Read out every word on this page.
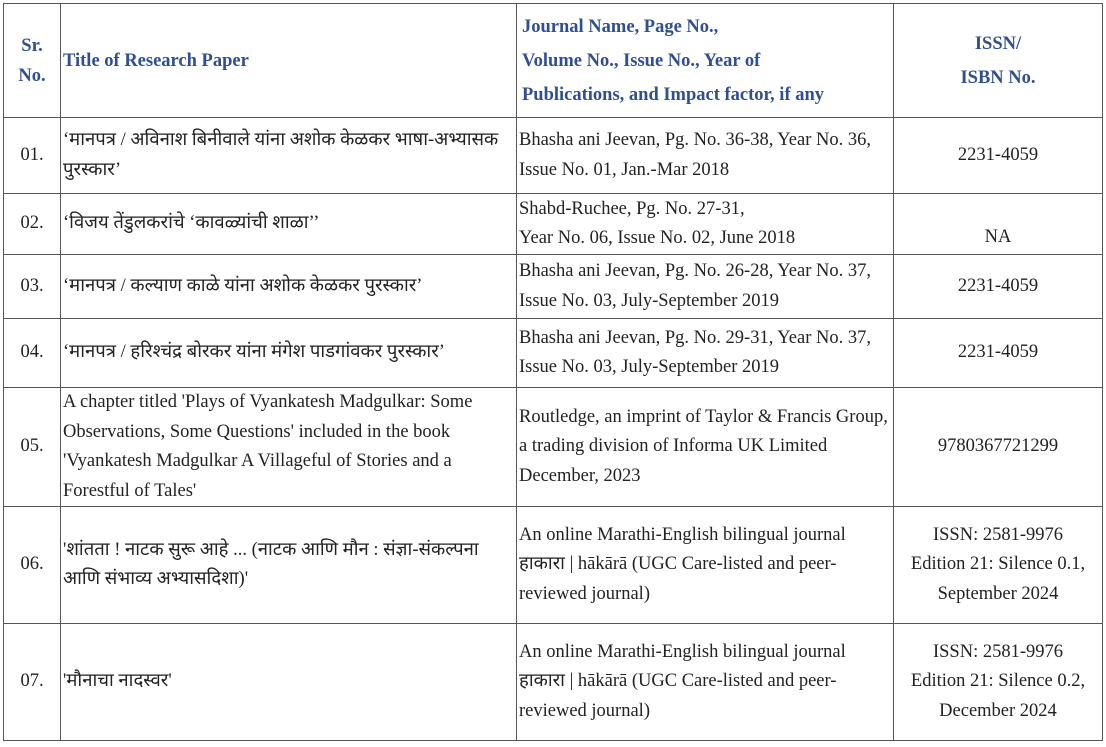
Sr.
No.	Title of Research Paper	Journal Name, Page No.,
Volume No., Issue No., Year of
Publications, and Impact factor, if any	ISSN/
ISBN No.

01.	‘मानपत्र / अविनाश बिनीवाले यांना अशोक केळकर भाषा-अभ्यासक पुरस्कार’	Bhasha ani Jeevan, Pg. No. 36-38, Year No. 36, Issue No. 01, Jan.-Mar 2018	2231-4059
02.	‘विजय तेंडुलकरांचे ‘कावळ्यांची शाळा’’	Shabd-Ruchee, Pg. No. 27-31,
Year No. 06, Issue No. 02, June 2018	NA
03.	‘मानपत्र / कल्याण काळे यांना अशोक केळकर पुरस्कार’	Bhasha ani Jeevan, Pg. No. 26-28, Year No. 37, Issue No. 03, July-September 2019	2231-4059
04.	‘मानपत्र / हरिश्चंद्र बोरकर यांना मंगेश पाडगांवकर पुरस्कार’	Bhasha ani Jeevan, Pg. No. 29-31, Year No. 37, Issue No. 03, July-September 2019	2231-4059
05.	A chapter titled 'Plays of Vyankatesh Madgulkar: Some Observations, Some Questions' included in the book 'Vyankatesh Madgulkar A Villageful of Stories and a Forestful of Tales'	Routledge, an imprint of Taylor & Francis Group, a trading division of Informa UK Limited
December, 2023	9780367721299
06.	'शांतता ! नाटक सुरू आहे ... (नाटक आणि मौन : संज्ञा-संकल्पना आणि संभाव्य अभ्यासदिशा)'	An online Marathi-English bilingual journal हाकारा | hākārā (UGC Care-listed and peer-reviewed journal)	ISSN: 2581-9976
Edition 21: Silence 0.1,
September 2024

07.	'मौनाचा नादस्वर'	An online Marathi-English bilingual journal हाकारा | hākārā (UGC Care-listed and peer-reviewed journal)	ISSN: 2581-9976
Edition 21: Silence 0.2,
December 2024
